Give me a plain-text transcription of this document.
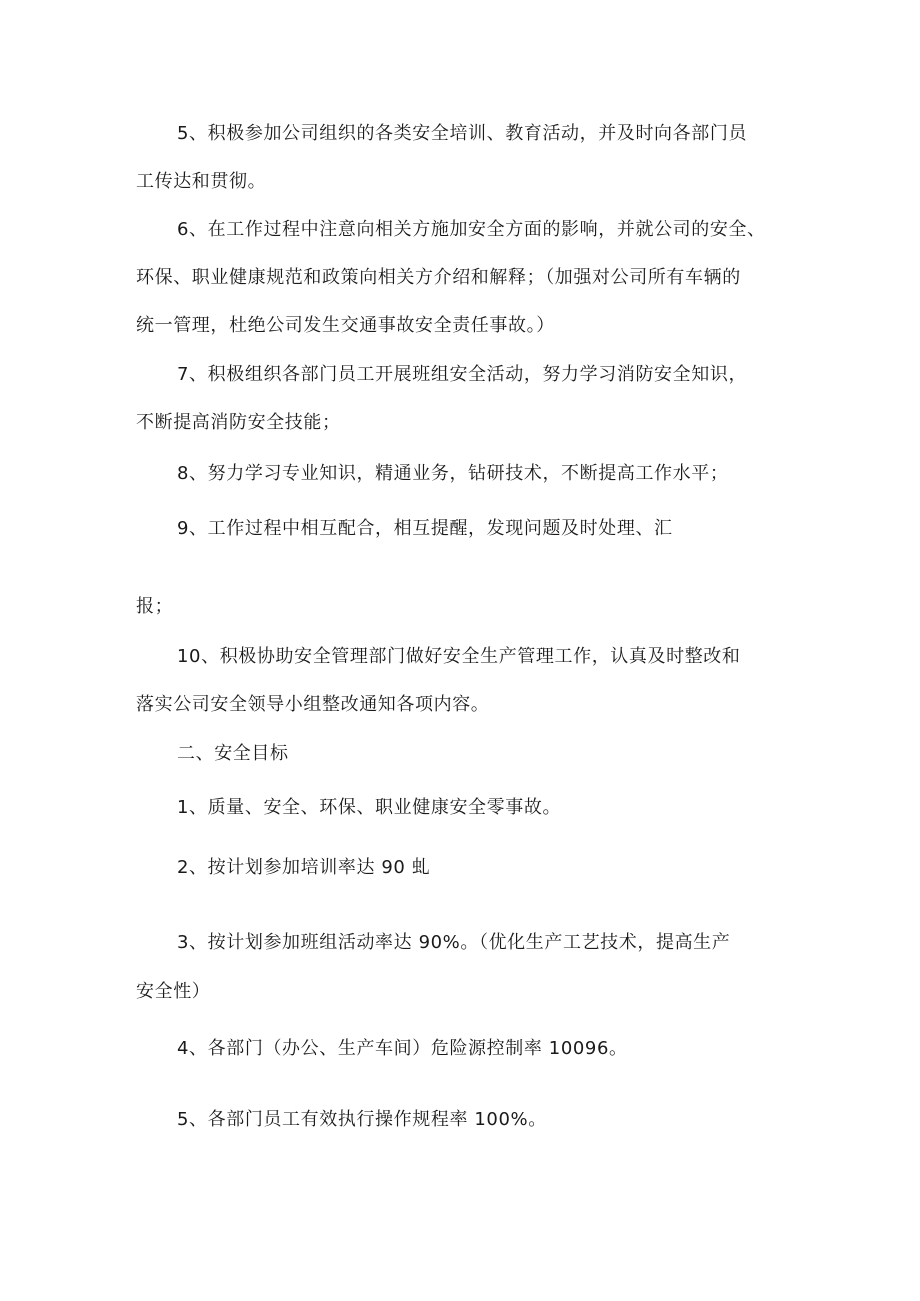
5、积极参加公司组织的各类安全培训、教育活动，并及时向各部门员
工传达和贯彻。
6、在工作过程中注意向相关方施加安全方面的影响，并就公司的安全、
环保、职业健康规范和政策向相关方介绍和解释；（加强对公司所有车辆的
统一管理，杜绝公司发生交通事故安全责任事故。）
7、积极组织各部门员工开展班组安全活动，努力学习消防安全知识，
不断提高消防安全技能；
8、努力学习专业知识，精通业务，钻研技术，不断提高工作水平；
9、工作过程中相互配合，相互提醒，发现问题及时处理、汇
报；
10、积极协助安全管理部门做好安全生产管理工作，认真及时整改和
落实公司安全领导小组整改通知各项内容。
二、安全目标
1、质量、安全、环保、职业健康安全零事故。
2、按计划参加培训率达 90 虬
3、按计划参加班组活动率达 90%。（优化生产工艺技术，提高生产
安全性）
4、各部门（办公、生产车间）危险源控制率 10096。
5、各部门员工有效执行操作规程率 100%。
